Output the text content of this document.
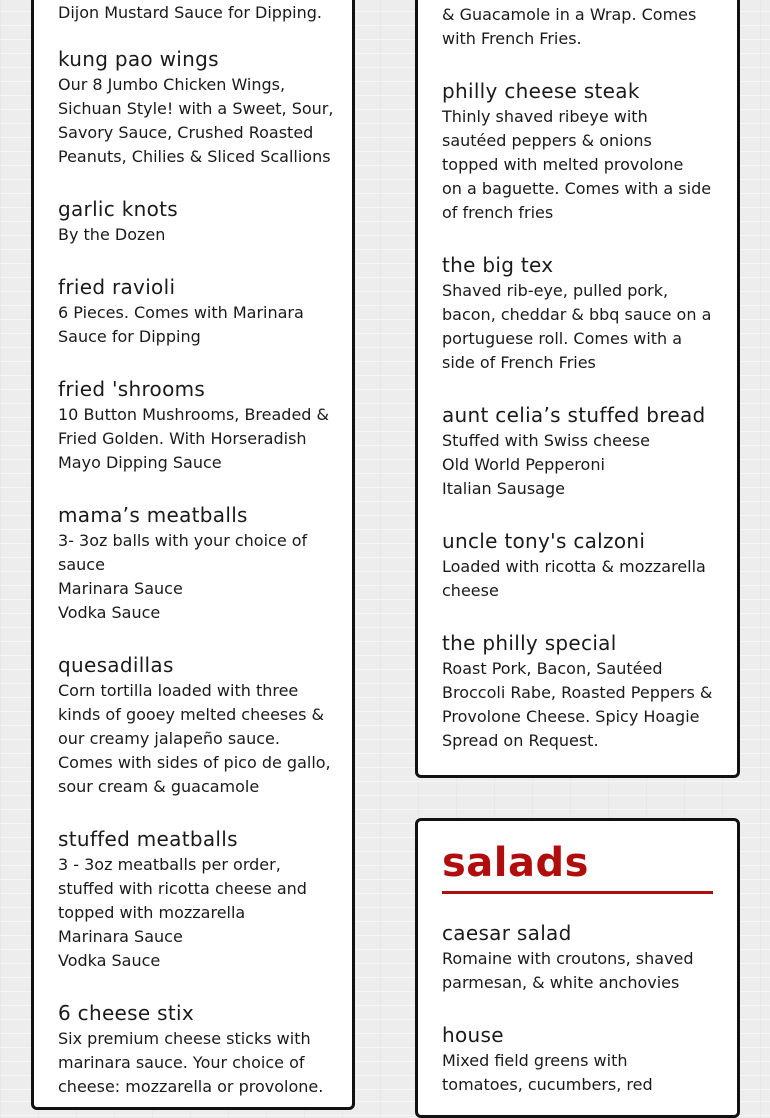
Dijon Mustard Sauce for Dipping.

kung pao wings

Our 8 Jumbo Chicken Wings,

Sichuan Style! with a Sweet, Sour,

Savory Sauce, Crushed Roasted

Peanuts, Chilies & Sliced Scallions

garlic knots

By the Dozen

fried ravioli

6 Pieces. Comes with Marinara

Sauce for Dipping

fried 'shrooms

10 Button Mushrooms, Breaded &

Fried Golden. With Horseradish

Mayo Dipping Sauce

mama’s meatballs

3- 3oz balls with your choice of

sauce

Marinara Sauce

Vodka Sauce

quesadillas

Corn tortilla loaded with three

kinds of gooey melted cheeses &

our creamy jalapeño sauce.

Comes with sides of pico de gallo,

sour cream & guacamole

stuffed meatballs

3 - 3oz meatballs per order,

stuffed with ricotta cheese and

topped with mozzarella

Marinara Sauce

Vodka Sauce

6 cheese stix

Six premium cheese sticks with

marinara sauce. Your choice of

cheese: mozzarella or provolone.

& Guacamole in a Wrap. Comes

with French Fries.

philly cheese steak

Thinly shaved ribeye with

sautéed peppers & onions

topped with melted provolone

on a baguette. Comes with a side

of french fries

the big tex

Shaved rib-eye, pulled pork,

bacon, cheddar & bbq sauce on a

portuguese roll. Comes with a

side of French Fries

aunt celia’s stuffed bread

Stuffed with Swiss cheese

Old World Pepperoni

Italian Sausage

uncle tony's calzoni

Loaded with ricotta & mozzarella

cheese

the philly special

Roast Pork, Bacon, Sautéed

Broccoli Rabe, Roasted Peppers &

Provolone Cheese. Spicy Hoagie

Spread on Request.

salads
caesar salad

Romaine with croutons, shaved

parmesan, & white anchovies

house

Mixed field greens with

tomatoes, cucumbers, red
